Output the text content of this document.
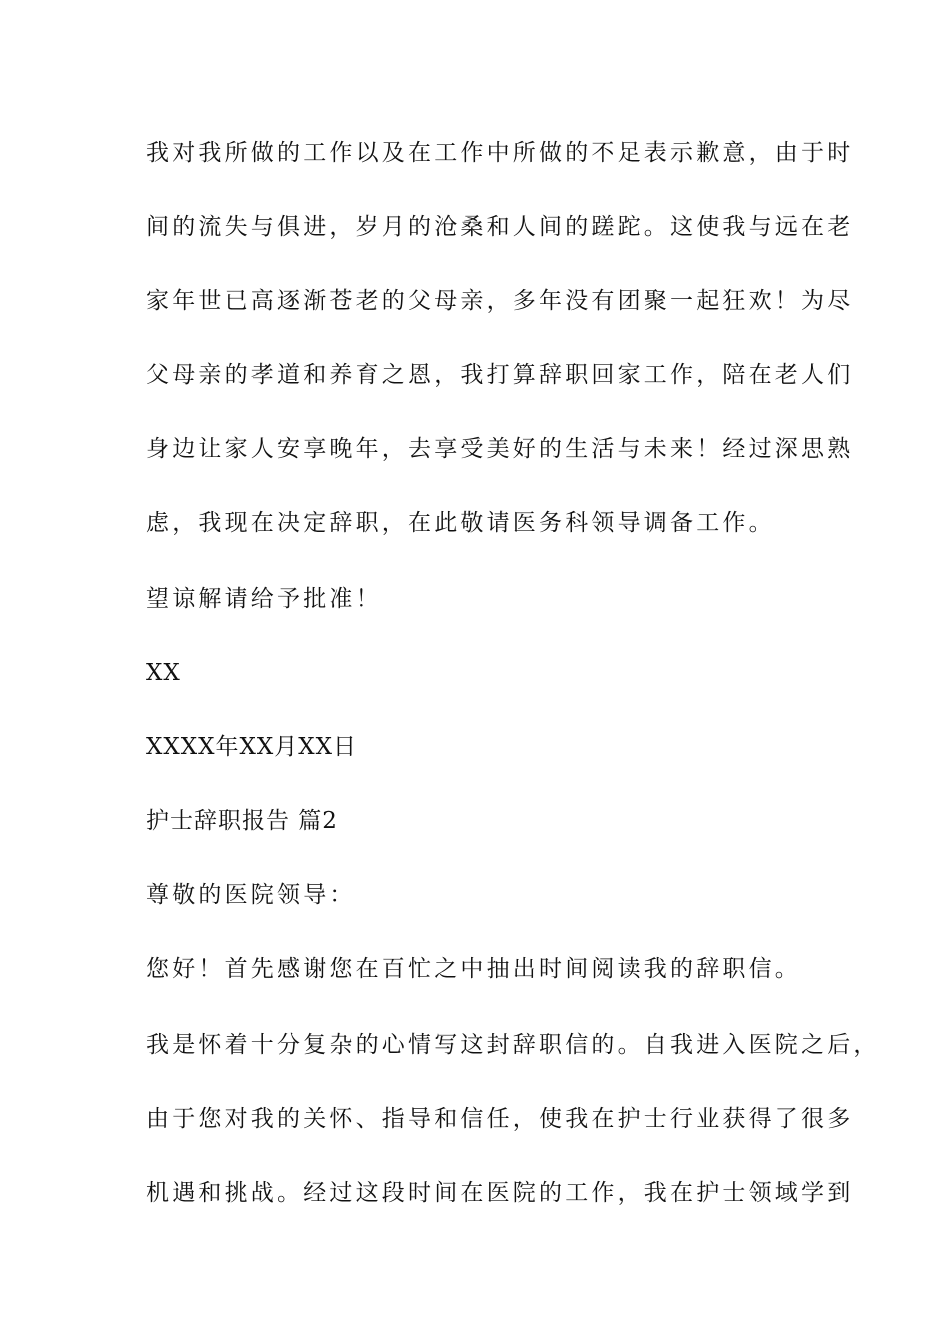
我对我所做的工作以及在工作中所做的不足表示歉意，由于时
间的流失与俱进，岁月的沧桑和人间的蹉跎。这使我与远在老
家年世已高逐渐苍老的父母亲，多年没有团聚一起狂欢！为尽
父母亲的孝道和养育之恩，我打算辞职回家工作，陪在老人们
身边让家人安享晚年，去享受美好的生活与未来！经过深思熟
虑，我现在决定辞职，在此敬请医务科领导调备工作。
望谅解请给予批准！
XX
XXXX年XX月XX日
护士辞职报告 篇2
尊敬的医院领导：
您好！首先感谢您在百忙之中抽出时间阅读我的辞职信。
我是怀着十分复杂的心情写这封辞职信的。自我进入医院之后，
由于您对我的关怀、指导和信任，使我在护士行业获得了很多
机遇和挑战。经过这段时间在医院的工作，我在护士领域学到
